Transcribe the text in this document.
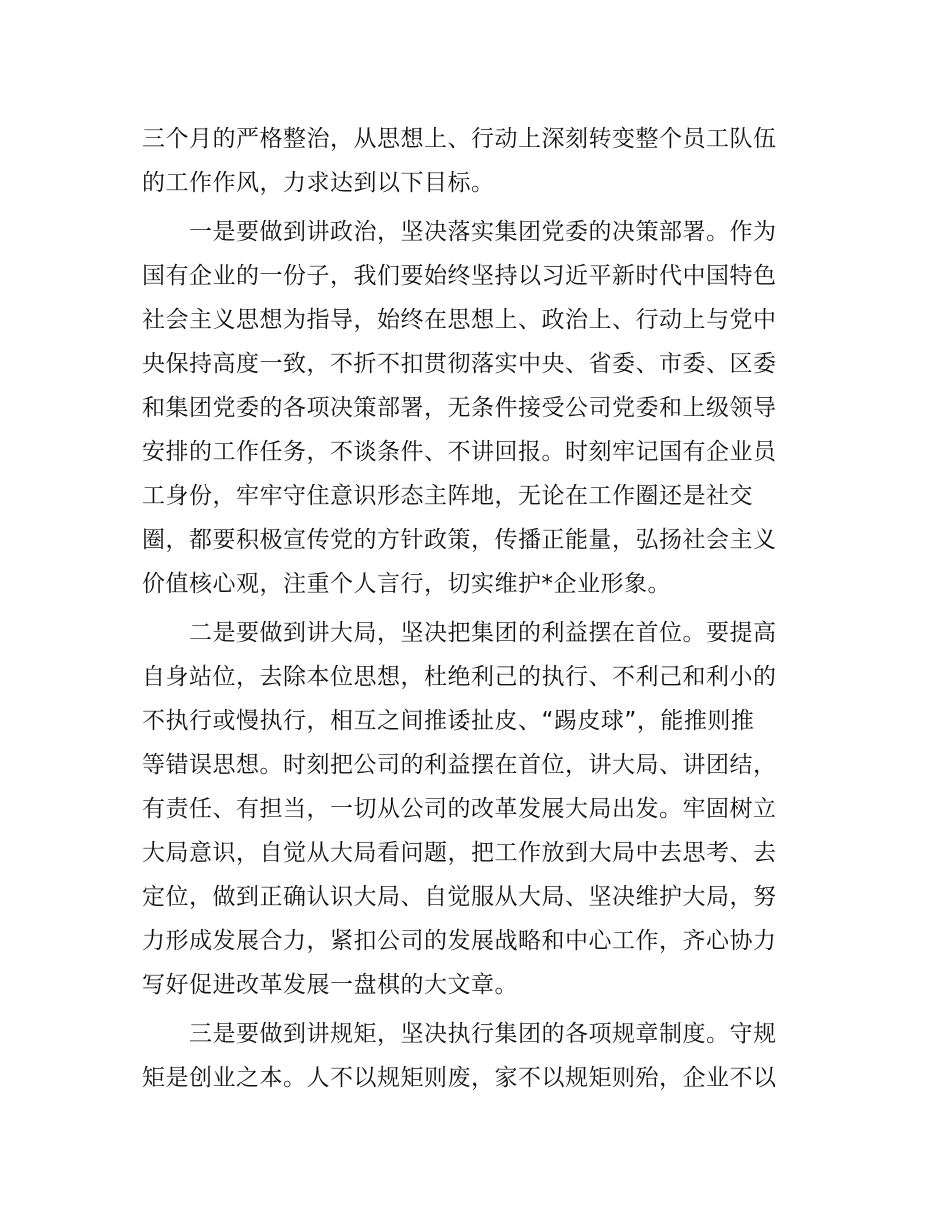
三个月的严格整治，从思想上、行动上深刻转变整个员工队伍
的工作作风，力求达到以下目标。
一是要做到讲政治，坚决落实集团党委的决策部署。作为
国有企业的一份子，我们要始终坚持以习近平新时代中国特色
社会主义思想为指导，始终在思想上、政治上、行动上与党中
央保持高度一致，不折不扣贯彻落实中央、省委、市委、区委
和集团党委的各项决策部署，无条件接受公司党委和上级领导
安排的工作任务，不谈条件、不讲回报。时刻牢记国有企业员
工身份，牢牢守住意识形态主阵地，无论在工作圈还是社交
圈，都要积极宣传党的方针政策，传播正能量，弘扬社会主义
价值核心观，注重个人言行，切实维护*企业形象。
二是要做到讲大局，坚决把集团的利益摆在首位。要提高
自身站位，去除本位思想，杜绝利己的执行、不利己和利小的
不执行或慢执行，相互之间推诿扯皮、“踢皮球”，能推则推
等错误思想。时刻把公司的利益摆在首位，讲大局、讲团结，
有责任、有担当，一切从公司的改革发展大局出发。牢固树立
大局意识，自觉从大局看问题，把工作放到大局中去思考、去
定位，做到正确认识大局、自觉服从大局、坚决维护大局，努
力形成发展合力，紧扣公司的发展战略和中心工作，齐心协力
写好促进改革发展一盘棋的大文章。
三是要做到讲规矩，坚决执行集团的各项规章制度。守规
矩是创业之本。人不以规矩则废，家不以规矩则殆，企业不以
